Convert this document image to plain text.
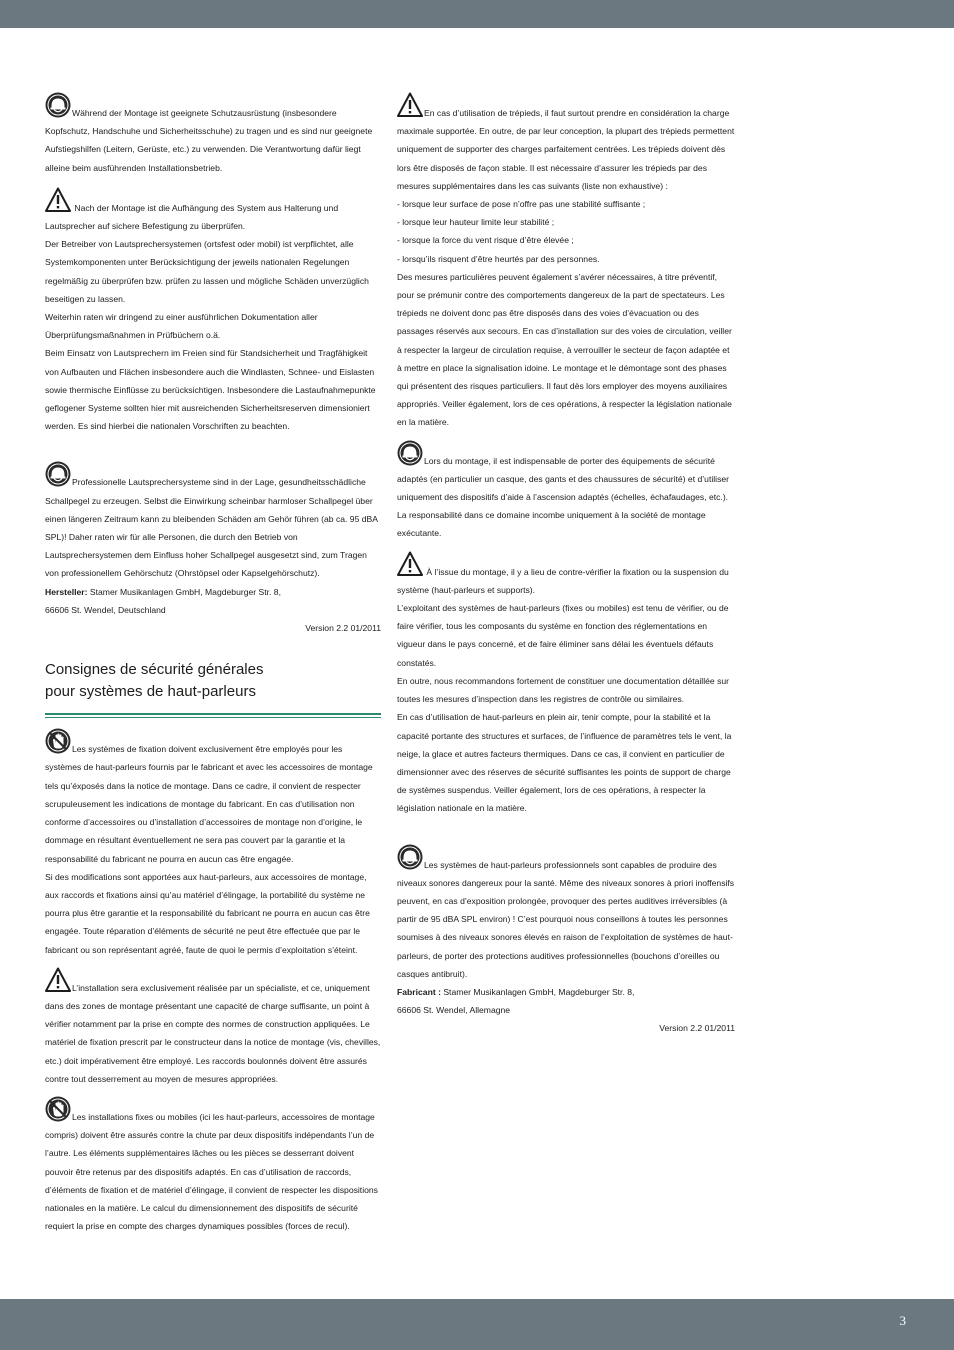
Während der Montage ist geeignete Schutzausrüstung (insbesondere Kopfschutz, Handschuhe und Sicherheitsschuhe) zu tragen und es sind nur geeignete Aufstiegshilfen (Leitern, Gerüste, etc.) zu verwenden. Die Verantwortung dafür liegt alleine beim ausführenden Installationsbetrieb.

Nach der Montage ist die Aufhängung des System aus Halterung und Lautsprecher auf sichere Befestigung zu überprüfen.

Der Betreiber von Lautsprechersystemen (ortsfest oder mobil) ist verpflichtet, alle Systemkomponenten unter Berücksichtigung der jeweils nationalen Regelungen regelmäßig zu überprüfen bzw. prüfen zu lassen und mögliche Schäden unverzüglich beseitigen zu lassen.

Weiterhin raten wir dringend zu einer ausführlichen Dokumentation aller Überprüfungsmaßnahmen in Prüfbüchern o.ä.

Beim Einsatz von Lautsprechern im Freien sind für Standsicherheit und Tragfähigkeit von Aufbauten und Flächen insbesondere auch die Windlasten, Schnee- und Eislasten sowie thermische Einflüsse zu berücksichtigen. Insbesondere die Lastaufnahmepunkte geflogener Systeme sollten hier mit ausreichenden Sicherheitsreserven dimensioniert werden. Es sind hierbei die nationalen Vorschriften zu beachten.

Professionelle Lautsprechersysteme sind in der Lage, gesundheitsschädliche Schallpegel zu erzeugen. Selbst die Einwirkung scheinbar harmloser Schallpegel über einen längeren Zeitraum kann zu bleibenden Schäden am Gehör führen (ab ca. 95 dBA SPL)! Daher raten wir für alle Personen, die durch den Betrieb von Lautsprechersystemen dem Einfluss hoher Schallpegel ausgesetzt sind, zum Tragen von professionellem Gehörschutz (Ohrstöpsel oder Kapselgehörschutz).

Hersteller: Stamer Musikanlagen GmbH, Magdeburger Str. 8,

66606 St. Wendel, Deutschland

Version 2.2 01/2011

Consignes de sécurité générales
pour systèmes de haut-parleurs

Les systèmes de fixation doivent exclusivement être employés pour les systèmes de haut-parleurs fournis par le fabricant et avec les accessoires de montage tels qu’éxposés dans la notice de montage. Dans ce cadre, il convient de respecter scrupuleusement les indications de montage du fabricant. En cas d’utilisation non conforme d’accessoires ou d’installation d’accessoires de montage non d’origine, le dommage en résultant éventuellement ne sera pas couvert par la garantie et la responsabilité du fabricant ne pourra en aucun cas être engagée.

Si des modifications sont apportées aux haut-parleurs, aux accessoires de montage, aux raccords et fixations ainsi qu’au matériel d’élingage, la portabilité du système ne pourra plus être garantie et la responsabilité du fabricant ne pourra en aucun cas être engagée. Toute réparation d’éléments de sécurité ne peut être effectuée que par le fabricant ou son représentant agréé, faute de quoi le permis d’exploitation s’éteint.

L’installation sera exclusivement réalisée par un spécialiste, et ce, uniquement dans des zones de montage présentant une capacité de charge suffisante, un point à vérifier notamment par la prise en compte des normes de construction appliquées. Le matériel de fixation prescrit par le constructeur dans la notice de montage (vis, chevilles, etc.) doit impérativement être employé. Les raccords boulonnés doivent être assurés contre tout desserrement au moyen de mesures appropriées.

Les installations fixes ou mobiles (ici les haut-parleurs, accessoires de montage compris) doivent être assurés contre la chute par deux dispositifs indépendants l’un de l’autre. Les éléments supplémentaires lâches ou les pièces se desserrant doivent pouvoir être retenus par des dispositifs adaptés. En cas d’utilisation de raccords, d’éléments de fixation et de matériel d’élingage, il convient de respecter les dispositions nationales en la matière. Le calcul du dimensionnement des dispositifs de sécurité requiert la prise en compte des charges dynamiques possibles (forces de recul).

En cas d’utilisation de trépieds, il faut surtout prendre en considération la charge maximale supportée. En outre, de par leur conception, la plupart des trépieds permettent uniquement de supporter des charges parfaitement centrées. Les trépieds doivent dès lors être disposés de façon stable. Il est nécessaire d’assurer les trépieds par des mesures supplémentaires dans les cas suivants (liste non exhaustive) :

- lorsque leur surface de pose n’offre pas une stabilité suffisante ;

- lorsque leur hauteur limite leur stabilité ;

- lorsque la force du vent risque d’être élevée ;

- lorsqu’ils risquent d’être heurtés par des personnes.

Des mesures particulières peuvent également s’avérer nécessaires, à titre préventif, pour se prémunir contre des comportements dangereux de la part de spectateurs. Les trépieds ne doivent donc pas être disposés dans des voies d’évacuation ou des passages réservés aux secours. En cas d’installation sur des voies de circulation, veiller à respecter la largeur de circulation requise, à verrouiller le secteur de façon adaptée et à mettre en place la signalisation idoine. Le montage et le démontage sont des phases qui présentent des risques particuliers. Il faut dès lors employer des moyens auxiliaires appropriés. Veiller également, lors de ces opérations, à respecter la législation nationale en la matière.

Lors du montage, il est indispensable de porter des équipements de sécurité adaptés (en particulier un casque, des gants et des chaussures de sécurité) et d’utiliser uniquement des dispositifs d’aide à l’ascension adaptés (échelles, échafaudages, etc.). La responsabilité dans ce domaine incombe uniquement à la société de montage exécutante.

À l’issue du montage, il y a lieu de contre-vérifier la fixation ou la suspension du système (haut-parleurs et supports).

L’exploitant des systèmes de haut-parleurs (fixes ou mobiles) est tenu de vérifier, ou de faire vérifier, tous les composants du système en fonction des réglementations en vigueur dans le pays concerné, et de faire éliminer sans délai les éventuels défauts constatés.

En outre, nous recommandons fortement de constituer une documentation détaillée sur toutes les mesures d’inspection dans les registres de contrôle ou similaires.

En cas d’utilisation de haut-parleurs en plein air, tenir compte, pour la stabilité et la capacité portante des structures et surfaces, de l’influence de paramètres tels le vent, la neige, la glace et autres facteurs thermiques. Dans ce cas, il convient en particulier de dimensionner avec des réserves de sécurité suffisantes les points de support de charge de systèmes suspendus. Veiller également, lors de ces opérations, à respecter la législation nationale en la matière.

Les systèmes de haut-parleurs professionnels sont capables de produire des niveaux sonores dangereux pour la santé. Même des niveaux sonores à priori inoffensifs peuvent, en cas d’exposition prolongée, provoquer des pertes auditives irréversibles (à partir de 95 dBA SPL environ) ! C’est pourquoi nous conseillons à toutes les personnes soumises à des niveaux sonores élevés en raison de l’exploitation de systèmes de haut-parleurs, de porter des protections auditives professionnelles (bouchons d’oreilles ou casques antibruit).

Fabricant : Stamer Musikanlagen GmbH, Magdeburger Str. 8,

66606 St. Wendel, Allemagne

Version 2.2 01/2011

3
